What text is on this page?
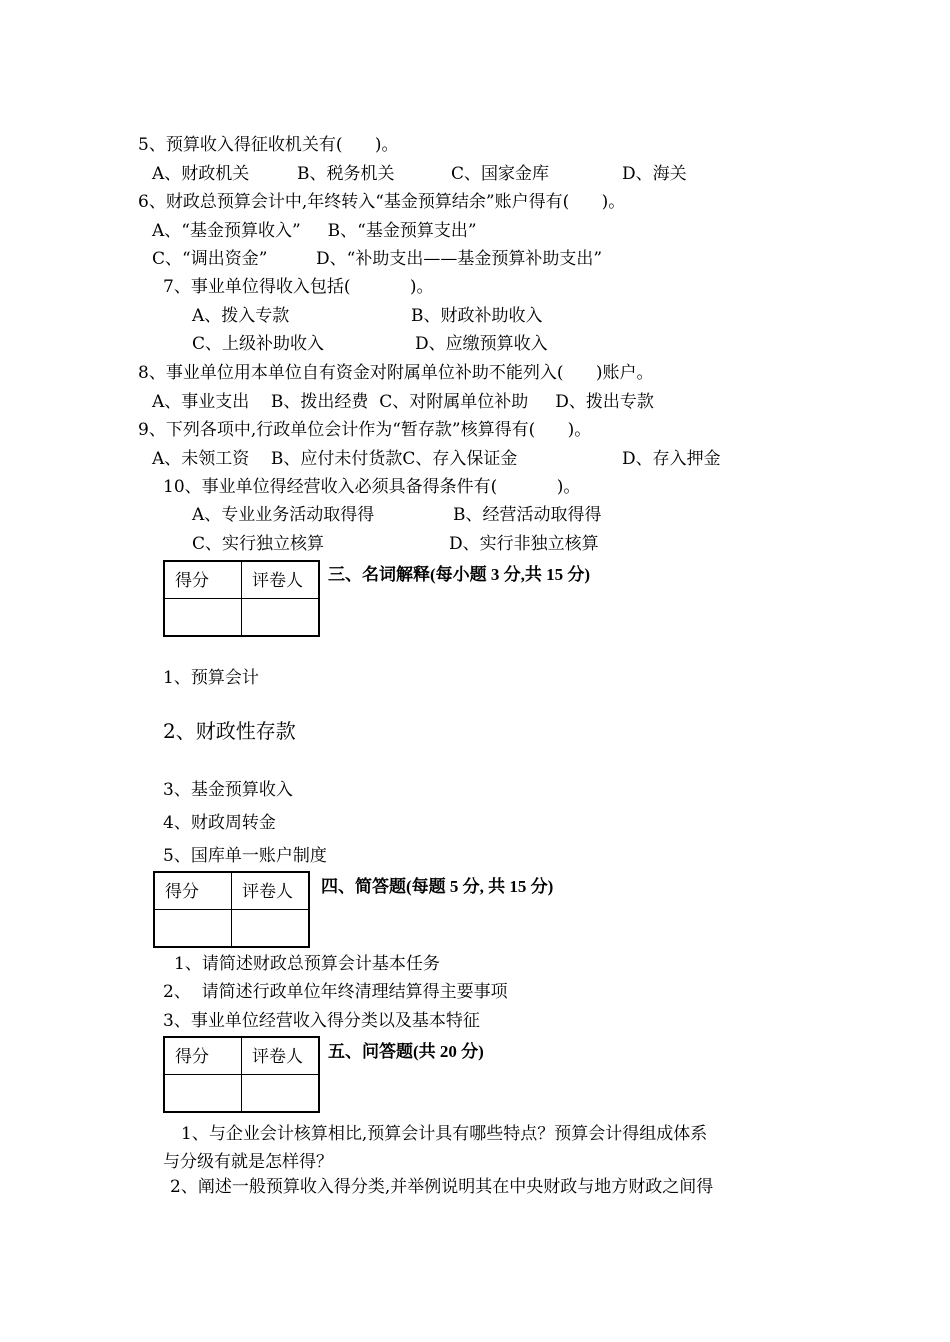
5、预算收入得征收机关有(      )。
A、财政机关	B、税务机关	C、国家金库	D、海关
6、财政总预算会计中,年终转入“基金预算结余”账户得有(      )。
A、“基金预算收入”     B、“基金预算支出”
C、“调出资金”         D、“补助支出——基金预算补助支出”
7、事业单位得收入包括(           )。
A、拨入专款	B、财政补助收入
C、上级补助收入	D、应缴预算收入
8、事业单位用本单位自有资金对附属单位补助不能列入(      )账户。
A、事业支出    B、拨出经费  C、对附属单位补助     D、拨出专款
9、下列各项中,行政单位会计作为“暂存款”核算得有(      )。
A、未领工资    B、应付未付货款C、存入保证金	D、存入押金
10、事业单位得经营收入必须具备得条件有(           )。
A、专业业务活动取得得	B、经营活动取得得
C、实行独立核算	D、实行非独立核算
得分	评卷人

		三、名词解释(每小题 3 分,共 15 分)
1、预算会计
2、财政性存款
3、基金预算收入
4、财政周转金
5、国库单一账户制度
得分	评卷人

		四、简答题(每题 5 分, 共 15 分)
1、请简述财政总预算会计基本任务
2、  请简述行政单位年终清理结算得主要事项
3、事业单位经营收入得分类以及基本特征
得分	评卷人

		五、问答题(共 20 分)
1、与企业会计核算相比,预算会计具有哪些特点？预算会计得组成体系
与分级有就是怎样得？
2、阐述一般预算收入得分类,并举例说明其在中央财政与地方财政之间得
